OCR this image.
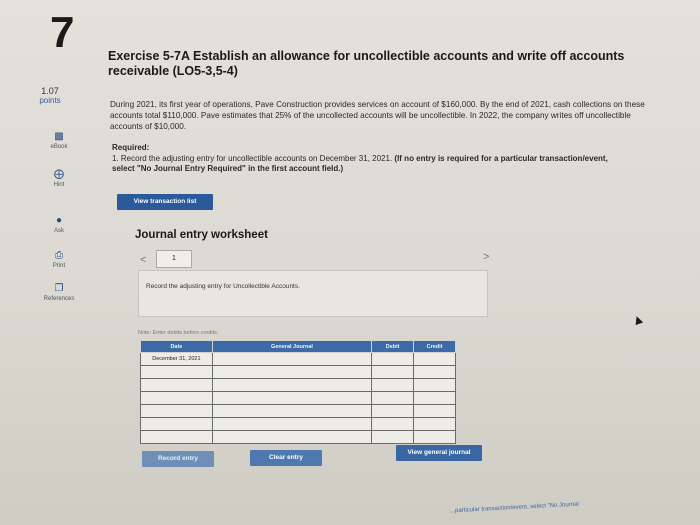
7
1.07
points
▩
eBook
⨁
Hint
●
Ask
⎙
Print
❐
References
Exercise 5-7A Establish an allowance for uncollectible accounts and write off accounts receivable (LO5-3,5-4)
During 2021, its first year of operations, Pave Construction provides services on account of $160,000. By the end of 2021, cash collections on these accounts total $110,000. Pave estimates that 25% of the uncollected accounts will be uncollectible. In 2022, the company writes off uncollectible accounts of $10,000.
Required:
1. Record the adjusting entry for uncollectible accounts on December 31, 2021. (If no entry is required for a particular transaction/event, select "No Journal Entry Required" in the first account field.)
View transaction list
Journal entry worksheet
<	1	>
Record the adjusting entry for Uncollectible Accounts.
Note: Enter debits before credits.
Date	General Journal	Debit	Credit
December 31, 2021			

Record entry	Clear entry
View general journal
...particular transaction/event, select "No Journal
